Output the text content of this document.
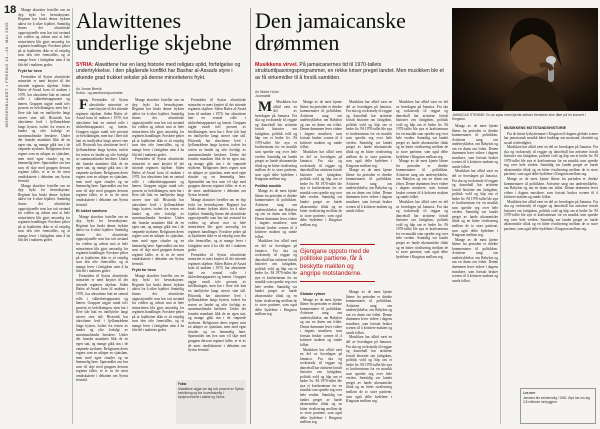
18
MORGENBLADET • FREDAG 13.–19. MAI 2005

Mange alawitter forteller om en dyp frykt for hevnaksjoner. Regimet har brukt denne frykten aktivt for å sikre lojalitet. Samtidig finnes det alawittiske opposisjonelle som har tatt avstand fra volden og advart mot at hele minoriteten blir gjort ansvarlig for regimets handlinger. Forskere peker på at lojaliteten ikke er så entydig som den ofte fremstilles, og at mange lever i fattigdom uten å ha fått del i maktens goder.

Frykt for hevn

Fremtiden til Syrias alawittiske minoritet er nært knyttet til det sittende regimets skjebne. Siden Hafez al-Assad kom til makten i 1970, har alawittene hatt en sentral rolle i sikkerhetsapparatet og hæren. Gruppen utgjør rundt tolv prosent av befolkningen, men har i flere tiår hatt en innflytelse langt utover sine tall. Historisk har alawittene levd i fjellområdene langs kysten, isolert fra resten av landet og ofte forfulgt av sunnimuslimske herskere. Under det franske mandatet fikk de en egen stat, og mange gikk inn i de væpnede styrkene. Religionen deres regnes som en utløper av sjiaislam, men med egne ritualer og en hemmelig lære. Spørsmålet om hva som vil skje med gruppen dersom regimet faller, er et av de mest omdiskuterte i debatten om Syrias fremtid.

Mange alawitter forteller om en dyp frykt for hevnaksjoner. Regimet har brukt denne frykten aktivt for å sikre lojalitet. Samtidig finnes det alawittiske opposisjonelle som har tatt avstand fra volden og advart mot at hele minoriteten blir gjort ansvarlig for regimets handlinger. Forskere peker på at lojaliteten ikke er så entydig som den ofte fremstilles, og at mange lever i fattigdom uten å ha fått del i maktens goder.

Alawittenes underlige skjebne
SYRIA: Alawittene har en lang historie med religiøs splid, forfølgelse og undertrykkelse. I den pågående konflikt har Bashar al-Assads styre i økende grad trukket veksler på denne minoritetens frykt.
Av Jonas Brevik
Kultur- og samfunnsjournalist

F Fremtiden til Syrias alawittiske minoritet er nært knyttet til det sittende regimets skjebne. Siden Hafez al-Assad kom til makten i 1970, har alawittene hatt en sentral rolle i sikkerhetsapparatet og hæren. Gruppen utgjør rundt tolv prosent av befolkningen, men har i flere tiår hatt en innflytelse langt utover sine tall. Historisk har alawittene levd i fjellområdene langs kysten, isolert fra resten av landet og ofte forfulgt av sunnimuslimske herskere. Under det franske mandatet fikk de en egen stat, og mange gikk inn i de væpnede styrkene. Religionen deres regnes som en utløper av sjiaislam, men med egne ritualer og en hemmelig lære. Spørsmålet om hva som vil skje med gruppen dersom regimet faller, er et av de mest omdiskuterte i debatten om Syrias fremtid.

Et lukket samfunn

Mange alawitter forteller om en dyp frykt for hevnaksjoner. Regimet har brukt denne frykten aktivt for å sikre lojalitet. Samtidig finnes det alawittiske opposisjonelle som har tatt avstand fra volden og advart mot at hele minoriteten blir gjort ansvarlig for regimets handlinger. Forskere peker på at lojaliteten ikke er så entydig som den ofte fremstilles, og at mange lever i fattigdom uten å ha fått del i maktens goder.

Fremtiden til Syrias alawittiske minoritet er nært knyttet til det sittende regimets skjebne. Siden Hafez al-Assad kom til makten i 1970, har alawittene hatt en sentral rolle i sikkerhetsapparatet og hæren. Gruppen utgjør rundt tolv prosent av befolkningen, men har i flere tiår hatt en innflytelse langt utover sine tall. Historisk har alawittene levd i fjellområdene langs kysten, isolert fra resten av landet og ofte forfulgt av sunnimuslimske herskere. Under det franske mandatet fikk de en egen stat, og mange gikk inn i de væpnede styrkene. Religionen deres regnes som en utløper av sjiaislam, men med egne ritualer og en hemmelig lære. Spørsmålet om hva som vil skje med gruppen dersom regimet faller, er et av de mest omdiskuterte i debatten om Syrias fremtid.

Mange alawitter forteller om en dyp frykt for hevnaksjoner. Regimet har brukt denne frykten aktivt for å sikre lojalitet. Samtidig finnes det alawittiske opposisjonelle som har tatt avstand fra volden og advart mot at hele minoriteten blir gjort ansvarlig for regimets handlinger. Forskere peker på at lojaliteten ikke er så entydig som den ofte fremstilles, og at mange lever i fattigdom uten å ha fått del i maktens goder.

Fremtiden til Syrias alawittiske minoritet er nært knyttet til det sittende regimets skjebne. Siden Hafez al-Assad kom til makten i 1970, har alawittene hatt en sentral rolle i sikkerhetsapparatet og hæren. Gruppen utgjør rundt tolv prosent av befolkningen, men har i flere tiår hatt en innflytelse langt utover sine tall. Historisk har alawittene levd i fjellområdene langs kysten, isolert fra resten av landet og ofte forfulgt av sunnimuslimske herskere. Under det franske mandatet fikk de en egen stat, og mange gikk inn i de væpnede styrkene. Religionen deres regnes som en utløper av sjiaislam, men med egne ritualer og en hemmelig lære. Spørsmålet om hva som vil skje med gruppen dersom regimet faller, er et av de mest omdiskuterte i debatten om Syrias fremtid.

Frykt for hevn

Mange alawitter forteller om en dyp frykt for hevnaksjoner. Regimet har brukt denne frykten aktivt for å sikre lojalitet. Samtidig finnes det alawittiske opposisjonelle som har tatt avstand fra volden og advart mot at hele minoriteten blir gjort ansvarlig for regimets handlinger. Forskere peker på at lojaliteten ikke er så entydig som den ofte fremstilles, og at mange lever i fattigdom uten å ha fått del i maktens goder.

Fremtiden til Syrias alawittiske minoritet er nært knyttet til det sittende regimets skjebne. Siden Hafez al-Assad kom til makten i 1970, har alawittene hatt en sentral rolle i sikkerhetsapparatet og hæren. Gruppen utgjør rundt tolv prosent av befolkningen, men har i flere tiår hatt en innflytelse langt utover sine tall. Historisk har alawittene levd i fjellområdene langs kysten, isolert fra resten av landet og ofte forfulgt av sunnimuslimske herskere. Under det franske mandatet fikk de en egen stat, og mange gikk inn i de væpnede styrkene. Religionen deres regnes som en utløper av sjiaislam, men med egne ritualer og en hemmelig lære. Spørsmålet om hva som vil skje med gruppen dersom regimet faller, er et av de mest omdiskuterte i debatten om Syrias fremtid.

Mange alawitter forteller om en dyp frykt for hevnaksjoner. Regimet har brukt denne frykten aktivt for å sikre lojalitet. Samtidig finnes det alawittiske opposisjonelle som har tatt avstand fra volden og advart mot at hele minoriteten blir gjort ansvarlig for regimets handlinger. Forskere peker på at lojaliteten ikke er så entydig som den ofte fremstilles, og at mange lever i fattigdom uten å ha fått del i maktens goder.

Fremtiden til Syrias alawittiske minoritet er nært knyttet til det sittende regimets skjebne. Siden Hafez al-Assad kom til makten i 1970, har alawittene hatt en sentral rolle i sikkerhetsapparatet og hæren. Gruppen utgjør rundt tolv prosent av befolkningen, men har i flere tiår hatt en innflytelse langt utover sine tall. Historisk har alawittene levd i fjellområdene langs kysten, isolert fra resten av landet og ofte forfulgt av sunnimuslimske herskere. Under det franske mandatet fikk de en egen stat, og mange gikk inn i de væpnede styrkene. Religionen deres regnes som en utløper av sjiaislam, men med egne ritualer og en hemmelig lære. Spørsmålet om hva som vil skje med gruppen dersom regimet faller, er et av de mest omdiskuterte i debatten om Syrias fremtid.

Fakta
Alawittene utgjør om lag tolv prosent av Syrias befolkning og bor hovedsakelig i kystprovinsene Latakia og Tartus.
Den jamaicanske drømmen
Musikkens virvel. På jamaicanernes tid til 1970-tallets strukturtilpasningsprogrammer, en rekke kriser preget landet. Men musikken ble et av få virkemidler til å forstå samtiden.
Av Marte Holm
Journalist
JAMAICAS STEMME: En av øyas mest kjente artister fremfører sine låter på en konsert i Kingston.

M Musikken har alltid vært en del av hverdagen på Jamaica. Fra ska og rocksteady til reggae og dancehall har artistene fortalt historier om fattigdom, politisk vold og håp om et bedre liv. På 1970-tallet ble øya et kraftsentrum for en musikk som spredte seg over hele verden. Samtidig var landet preget av harde økonomiske tiltak og en bitter rivalisering mellom de to store partiene, som også delte bydelene i Kingston mellom seg.

Politisk musikk

Mange av de mest kjente låtene fra perioden er direkte kommentarer til politikken. Artistene sang om undertrykkelse, om Babylon og om en drøm om frihet. Denne drømmen lever videre i dagens musikere, som fortsatt bruker scenen til å kritisere makten og samle folket.

Musikken har alltid vært en del av hverdagen på Jamaica. Fra ska og rocksteady til reggae og dancehall har artistene fortalt historier om fattigdom, politisk vold og håp om et bedre liv. På 1970-tallet ble øya et kraftsentrum for en musikk som spredte seg over hele verden. Samtidig var landet preget av harde økonomiske tiltak og en bitter rivalisering mellom de to store partiene, som også delte bydelene i Kingston mellom seg.

Mange av de mest kjente låtene fra perioden er direkte kommentarer til politikken. Artistene sang om undertrykkelse, om Babylon og om en drøm om frihet. Denne drømmen lever videre i dagens musikere, som fortsatt bruker scenen til å kritisere makten og samle folket.

Musikken har alltid vært en del av hverdagen på Jamaica. Fra ska og rocksteady til reggae og dancehall har artistene fortalt historier om fattigdom, politisk vold og håp om et bedre liv. På 1970-tallet ble øya et kraftsentrum for en musikk som spredte seg over hele verden. Samtidig var landet preget av harde økonomiske tiltak og en bitter rivalisering mellom de to store partiene, som også delte bydelene i Kingston mellom seg.

Gjengane oppsto med de politiske partiene, får å beskytte makten og angripe motstanderne.
Globale rytmer

Mange av de mest kjente låtene fra perioden er direkte kommentarer til politikken. Artistene sang om undertrykkelse, om Babylon og om en drøm om frihet. Denne drømmen lever videre i dagens musikere, som fortsatt bruker scenen til å kritisere makten og samle folket.

Musikken har alltid vært en del av hverdagen på Jamaica. Fra ska og rocksteady til reggae og dancehall har artistene fortalt historier om fattigdom, politisk vold og håp om et bedre liv. På 1970-tallet ble øya et kraftsentrum for en musikk som spredte seg over hele verden. Samtidig var landet preget av harde økonomiske tiltak og en bitter rivalisering mellom de to store partiene, som også delte bydelene i Kingston mellom seg.

Musikken har alltid vært en del av hverdagen på Jamaica. Fra ska og rocksteady til reggae og dancehall har artistene fortalt historier om fattigdom, politisk vold og håp om et bedre liv. På 1970-tallet ble øya et kraftsentrum for en musikk som spredte seg over hele verden. Samtidig var landet preget av harde økonomiske tiltak og en bitter rivalisering mellom de to store partiene, som også delte bydelene i Kingston mellom seg.

Mange av de mest kjente låtene fra perioden er direkte kommentarer til politikken. Artistene sang om undertrykkelse, om Babylon og om en drøm om frihet. Denne drømmen lever videre i dagens musikere, som fortsatt bruker scenen til å kritisere makten og samle folket.

Mange av de mest kjente låtene fra perioden er direkte kommentarer til politikken. Artistene sang om undertrykkelse, om Babylon og om en drøm om frihet. Denne drømmen lever videre i dagens musikere, som fortsatt bruker scenen til å kritisere makten og samle folket.

Musikken har alltid vært en del av hverdagen på Jamaica. Fra ska og rocksteady til reggae og dancehall har artistene fortalt historier om fattigdom, politisk vold og håp om et bedre liv. På 1970-tallet ble øya et kraftsentrum for en musikk som spredte seg over hele verden. Samtidig var landet preget av harde økonomiske tiltak og en bitter rivalisering mellom de to store partiene, som også delte bydelene i Kingston mellom seg.

Musikken har alltid vært en del av hverdagen på Jamaica. Fra ska og rocksteady til reggae og dancehall har artistene fortalt historier om fattigdom, politisk vold og håp om et bedre liv. På 1970-tallet ble øya et kraftsentrum for en musikk som spredte seg over hele verden. Samtidig var landet preget av harde økonomiske tiltak og en bitter rivalisering mellom de to store partiene, som også delte bydelene i Kingston mellom seg.

Mange av de mest kjente låtene fra perioden er direkte kommentarer til politikken. Artistene sang om undertrykkelse, om Babylon og om en drøm om frihet. Denne drømmen lever videre i dagens musikere, som fortsatt bruker scenen til å kritisere makten og samle folket.

Musikken har alltid vært en del av hverdagen på Jamaica. Fra ska og rocksteady til reggae og dancehall har artistene fortalt historier om fattigdom, politisk vold og håp om et bedre liv. På 1970-tallet ble øya et kraftsentrum for en musikk som spredte seg over hele verden. Samtidig var landet preget av harde økonomiske tiltak og en bitter rivalisering mellom de to store partiene, som også delte bydelene i Kingston mellom seg.

Mange av de mest kjente låtene fra perioden er direkte kommentarer til politikken. Artistene sang om undertrykkelse, om Babylon og om en drøm om frihet. Denne drømmen lever videre i dagens musikere, som fortsatt bruker scenen til å kritisere makten og samle folket.

Musikken har alltid vært en del av hverdagen på Jamaica. Fra ska og rocksteady til reggae og dancehall har artistene fortalt historier om fattigdom, politisk vold og håp om et bedre liv. På 1970-tallet ble øya et kraftsentrum for en musikk som spredte seg over hele verden. Samtidig var landet preget av harde økonomiske tiltak og en bitter rivalisering mellom de to store partiene, som også delte bydelene i Kingston mellom seg.

Mange av de mest kjente låtene fra perioden er direkte kommentarer til politikken. Artistene sang om undertrykkelse, om Babylon og om en drøm om frihet. Denne drømmen lever videre i dagens musikere, som fortsatt bruker scenen til å kritisere makten og samle folket.

MUSIKKENS MOTSTANDSHISTORIE

Fra de første lydsystemene i Kingston til dagens globale scener har jamaicansk musikk båret budskap om motstand, identitet og sosial rettferdighet.

Musikken har alltid vært en del av hverdagen på Jamaica. Fra ska og rocksteady til reggae og dancehall har artistene fortalt historier om fattigdom, politisk vold og håp om et bedre liv. På 1970-tallet ble øya et kraftsentrum for en musikk som spredte seg over hele verden. Samtidig var landet preget av harde økonomiske tiltak og en bitter rivalisering mellom de to store partiene, som også delte bydelene i Kingston mellom seg.

Mange av de mest kjente låtene fra perioden er direkte kommentarer til politikken. Artistene sang om undertrykkelse, om Babylon og om en drøm om frihet. Denne drømmen lever videre i dagens musikere, som fortsatt bruker scenen til å kritisere makten og samle folket.

Musikken har alltid vært en del av hverdagen på Jamaica. Fra ska og rocksteady til reggae og dancehall har artistene fortalt historier om fattigdom, politisk vold og håp om et bedre liv. På 1970-tallet ble øya et kraftsentrum for en musikk som spredte seg over hele verden. Samtidig var landet preget av harde økonomiske tiltak og en bitter rivalisering mellom de to store partiene, som også delte bydelene i Kingston mellom seg.

Les mer
Jamaica ble selvstendig i 1962. Øya har om lag 2,8 millioner innbyggere.
